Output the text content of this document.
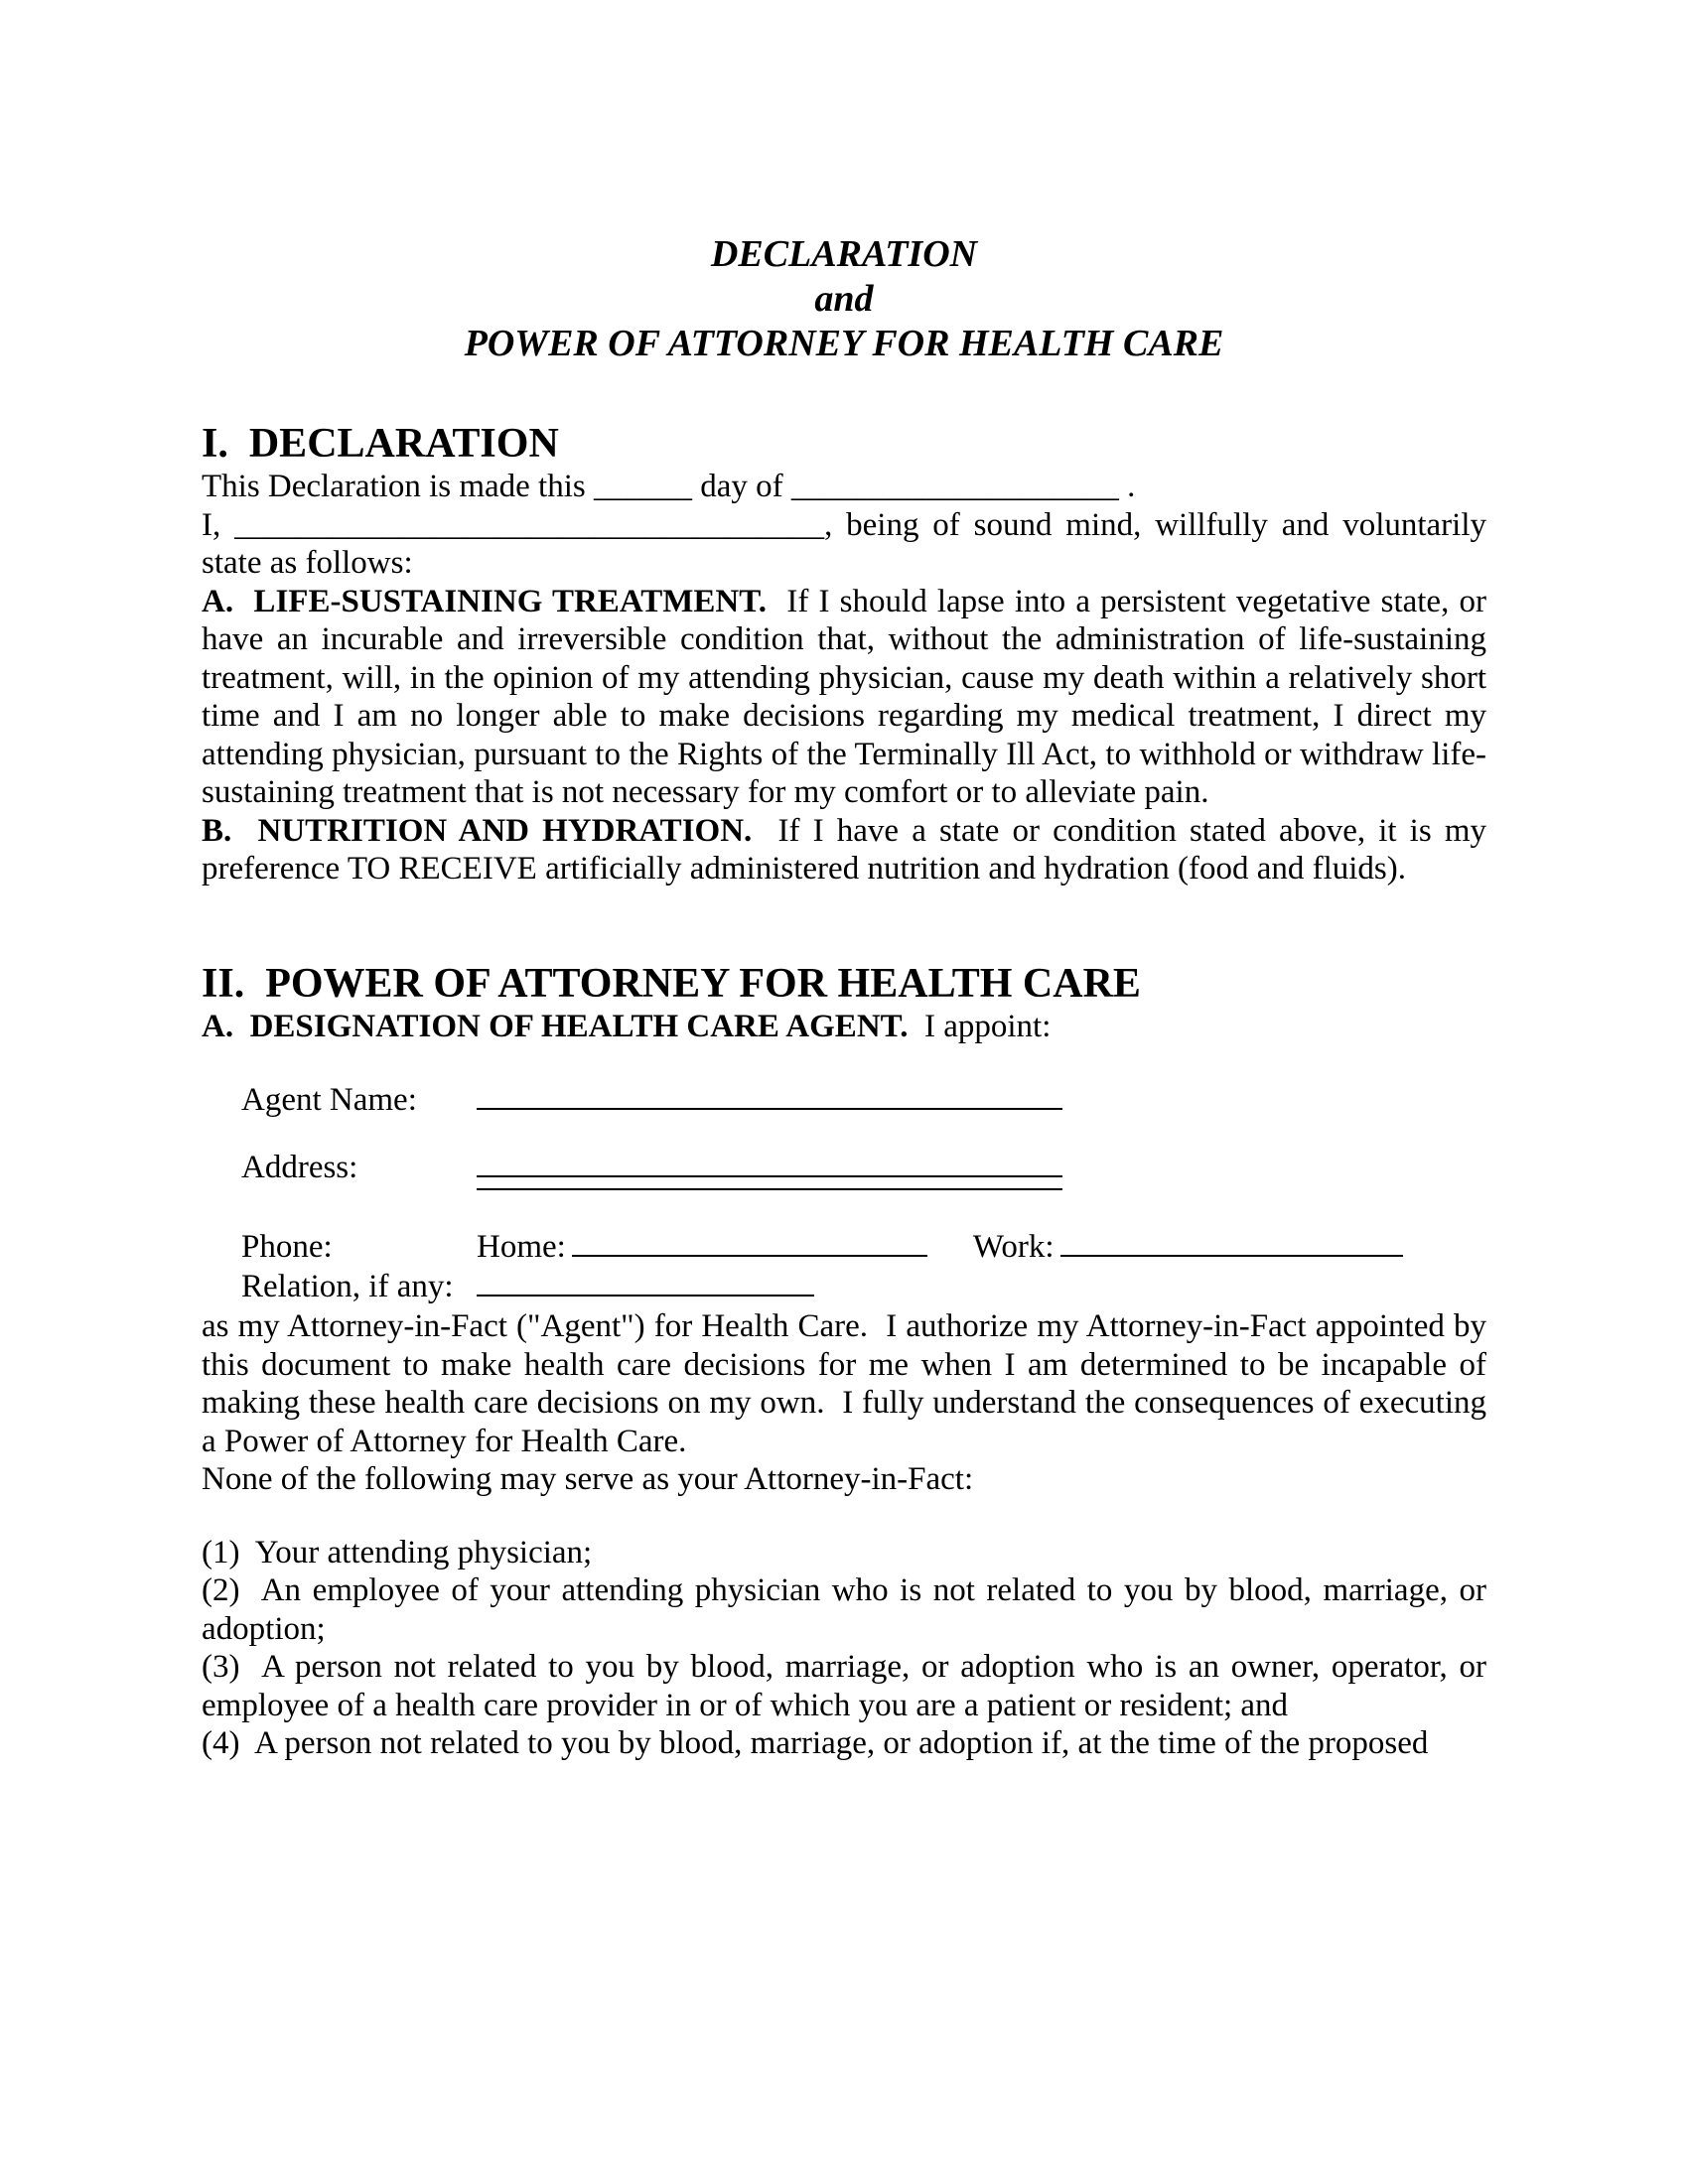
DECLARATION
and
POWER OF ATTORNEY FOR HEALTH CARE
I.  DECLARATION

This Declaration is made this ______ day of ____________________ .
I, ____________________________________, being of sound mind, willfully and voluntarily
state as follows:

A.  LIFE-SUSTAINING TREATMENT.  If I should lapse into a persistent vegetative state, or have an incurable and irreversible condition that, without the administration of life-sustaining treatment, will, in the opinion of my attending physician, cause my death within a relatively short time and I am no longer able to make decisions regarding my medical treatment, I direct my attending physician, pursuant to the Rights of the Terminally Ill Act, to withhold or withdraw life-sustaining treatment that is not necessary for my comfort or to alleviate pain.

B.  NUTRITION AND HYDRATION.  If I have a state or condition stated above, it is my preference TO RECEIVE artificially administered nutrition and hydration (food and fluids).

II.  POWER OF ATTORNEY FOR HEALTH CARE

A.  DESIGNATION OF HEALTH CARE AGENT.  I appoint:

Agent Name:
Address:
Phone:	Home:	Work:
Relation, if any:

as my Attorney-in-Fact ("Agent") for Health Care.  I authorize my Attorney-in-Fact appointed by this document to make health care decisions for me when I am determined to be incapable of making these health care decisions on my own.  I fully understand the consequences of executing a Power of Attorney for Health Care.

None of the following may serve as your Attorney-in-Fact:

(1)  Your attending physician;

(2)  An employee of your attending physician who is not related to you by blood, marriage, or adoption;

(3)  A person not related to you by blood, marriage, or adoption who is an owner, operator, or employee of a health care provider in or of which you are a patient or resident; and

(4)  A person not related to you by blood, marriage, or adoption if, at the time of the proposed
